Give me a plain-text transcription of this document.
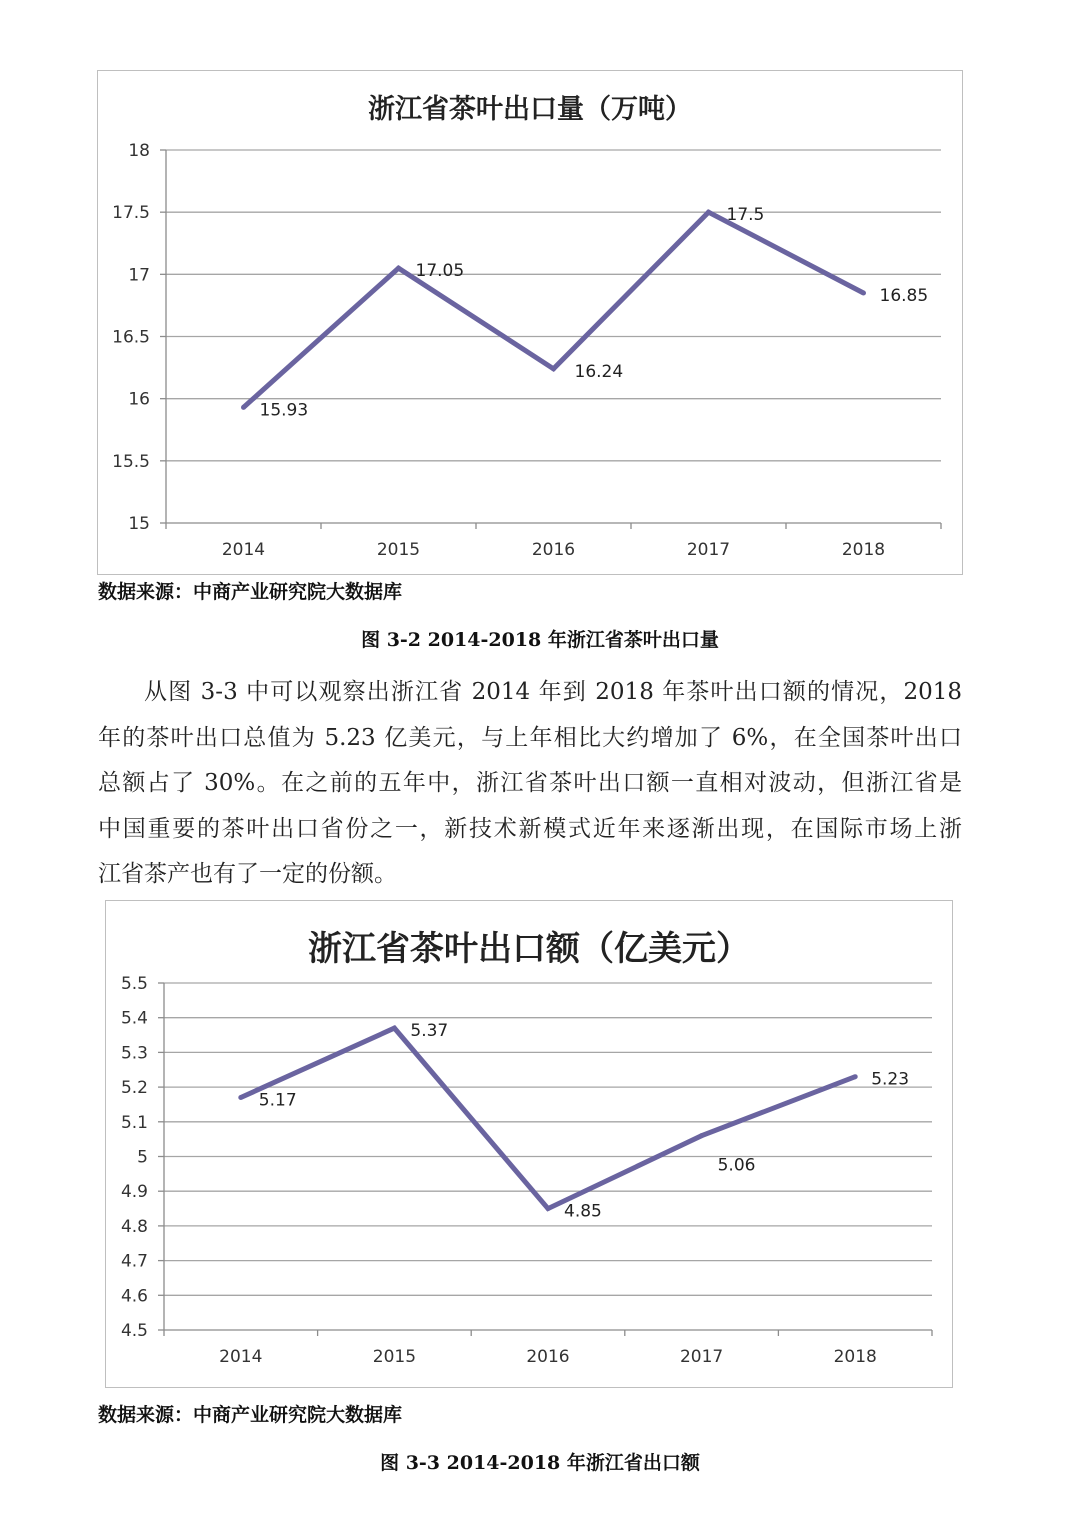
浙江省茶叶出口量（万吨）
15
15.5
16
16.5
17
17.5
18
2014	2015	2016	2017	2018
15.93
17.05
16.24
17.5
16.85
数据来源：中商产业研究院大数据库
图 3-2 2014-2018 年浙江省茶叶出口量
从图 3-3 中可以观察出浙江省 2014 年到 2018 年茶叶出口额的情况，2018
年的茶叶出口总值为 5.23 亿美元，与上年相比大约增加了 6%，在全国茶叶出口
总额占了 30%。在之前的五年中，浙江省茶叶出口额一直相对波动，但浙江省是
中国重要的茶叶出口省份之一，新技术新模式近年来逐渐出现，在国际市场上浙
江省茶产也有了一定的份额。
浙江省茶叶出口额（亿美元）
4.5
4.6
4.7
4.8
4.9
5
5.1
5.2
5.3
5.4
5.5
2014	2015	2016	2017	2018
5.17
5.37
4.85
5.06
5.23
数据来源：中商产业研究院大数据库
图 3-3 2014-2018 年浙江省出口额
